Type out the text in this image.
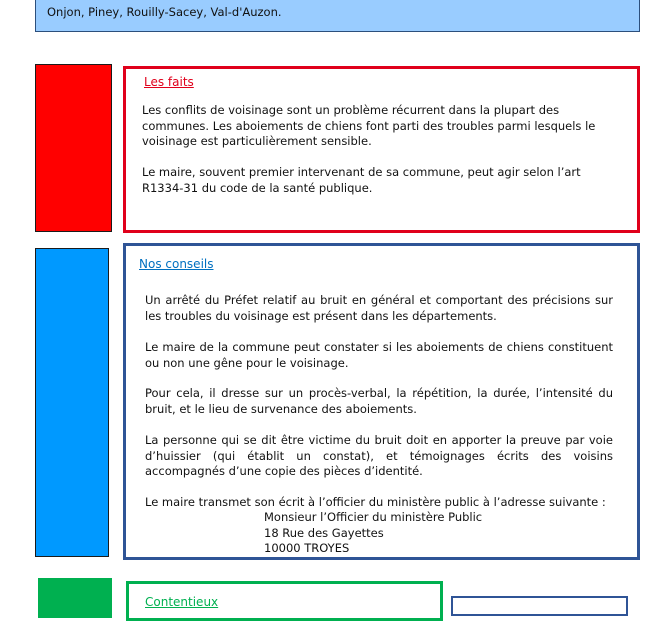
Onjon, Piney, Rouilly-Sacey, Val-d'Auzon.
Les faits
Les conflits de voisinage sont un problème récurrent dans la plupart des communes. Les aboiements de chiens font parti des troubles parmi lesquels le voisinage est particulièrement sensible.
Le maire, souvent premier intervenant de sa commune, peut agir selon l’art R1334-31 du code de la santé publique.
Nos conseils
Un arrêté du Préfet relatif au bruit en général et comportant des précisions sur les troubles du voisinage est présent dans les départements.
Le maire de la commune peut constater si les aboiements de chiens constituent ou non une gêne pour le voisinage.
Pour cela, il dresse sur un procès-verbal, la répétition, la durée, l’intensité du bruit, et le lieu de survenance des aboiements.
La personne qui se dit être victime du bruit doit en apporter la preuve par voie d’huissier (qui établit un constat), et témoignages écrits des voisins accompagnés d’une copie des pièces d’identité.
Le maire transmet son écrit à l’officier du ministère public à l’adresse suivante :
Monsieur l’Officier du ministère Public
18 Rue des Gayettes
10000 TROYES
Contentieux
